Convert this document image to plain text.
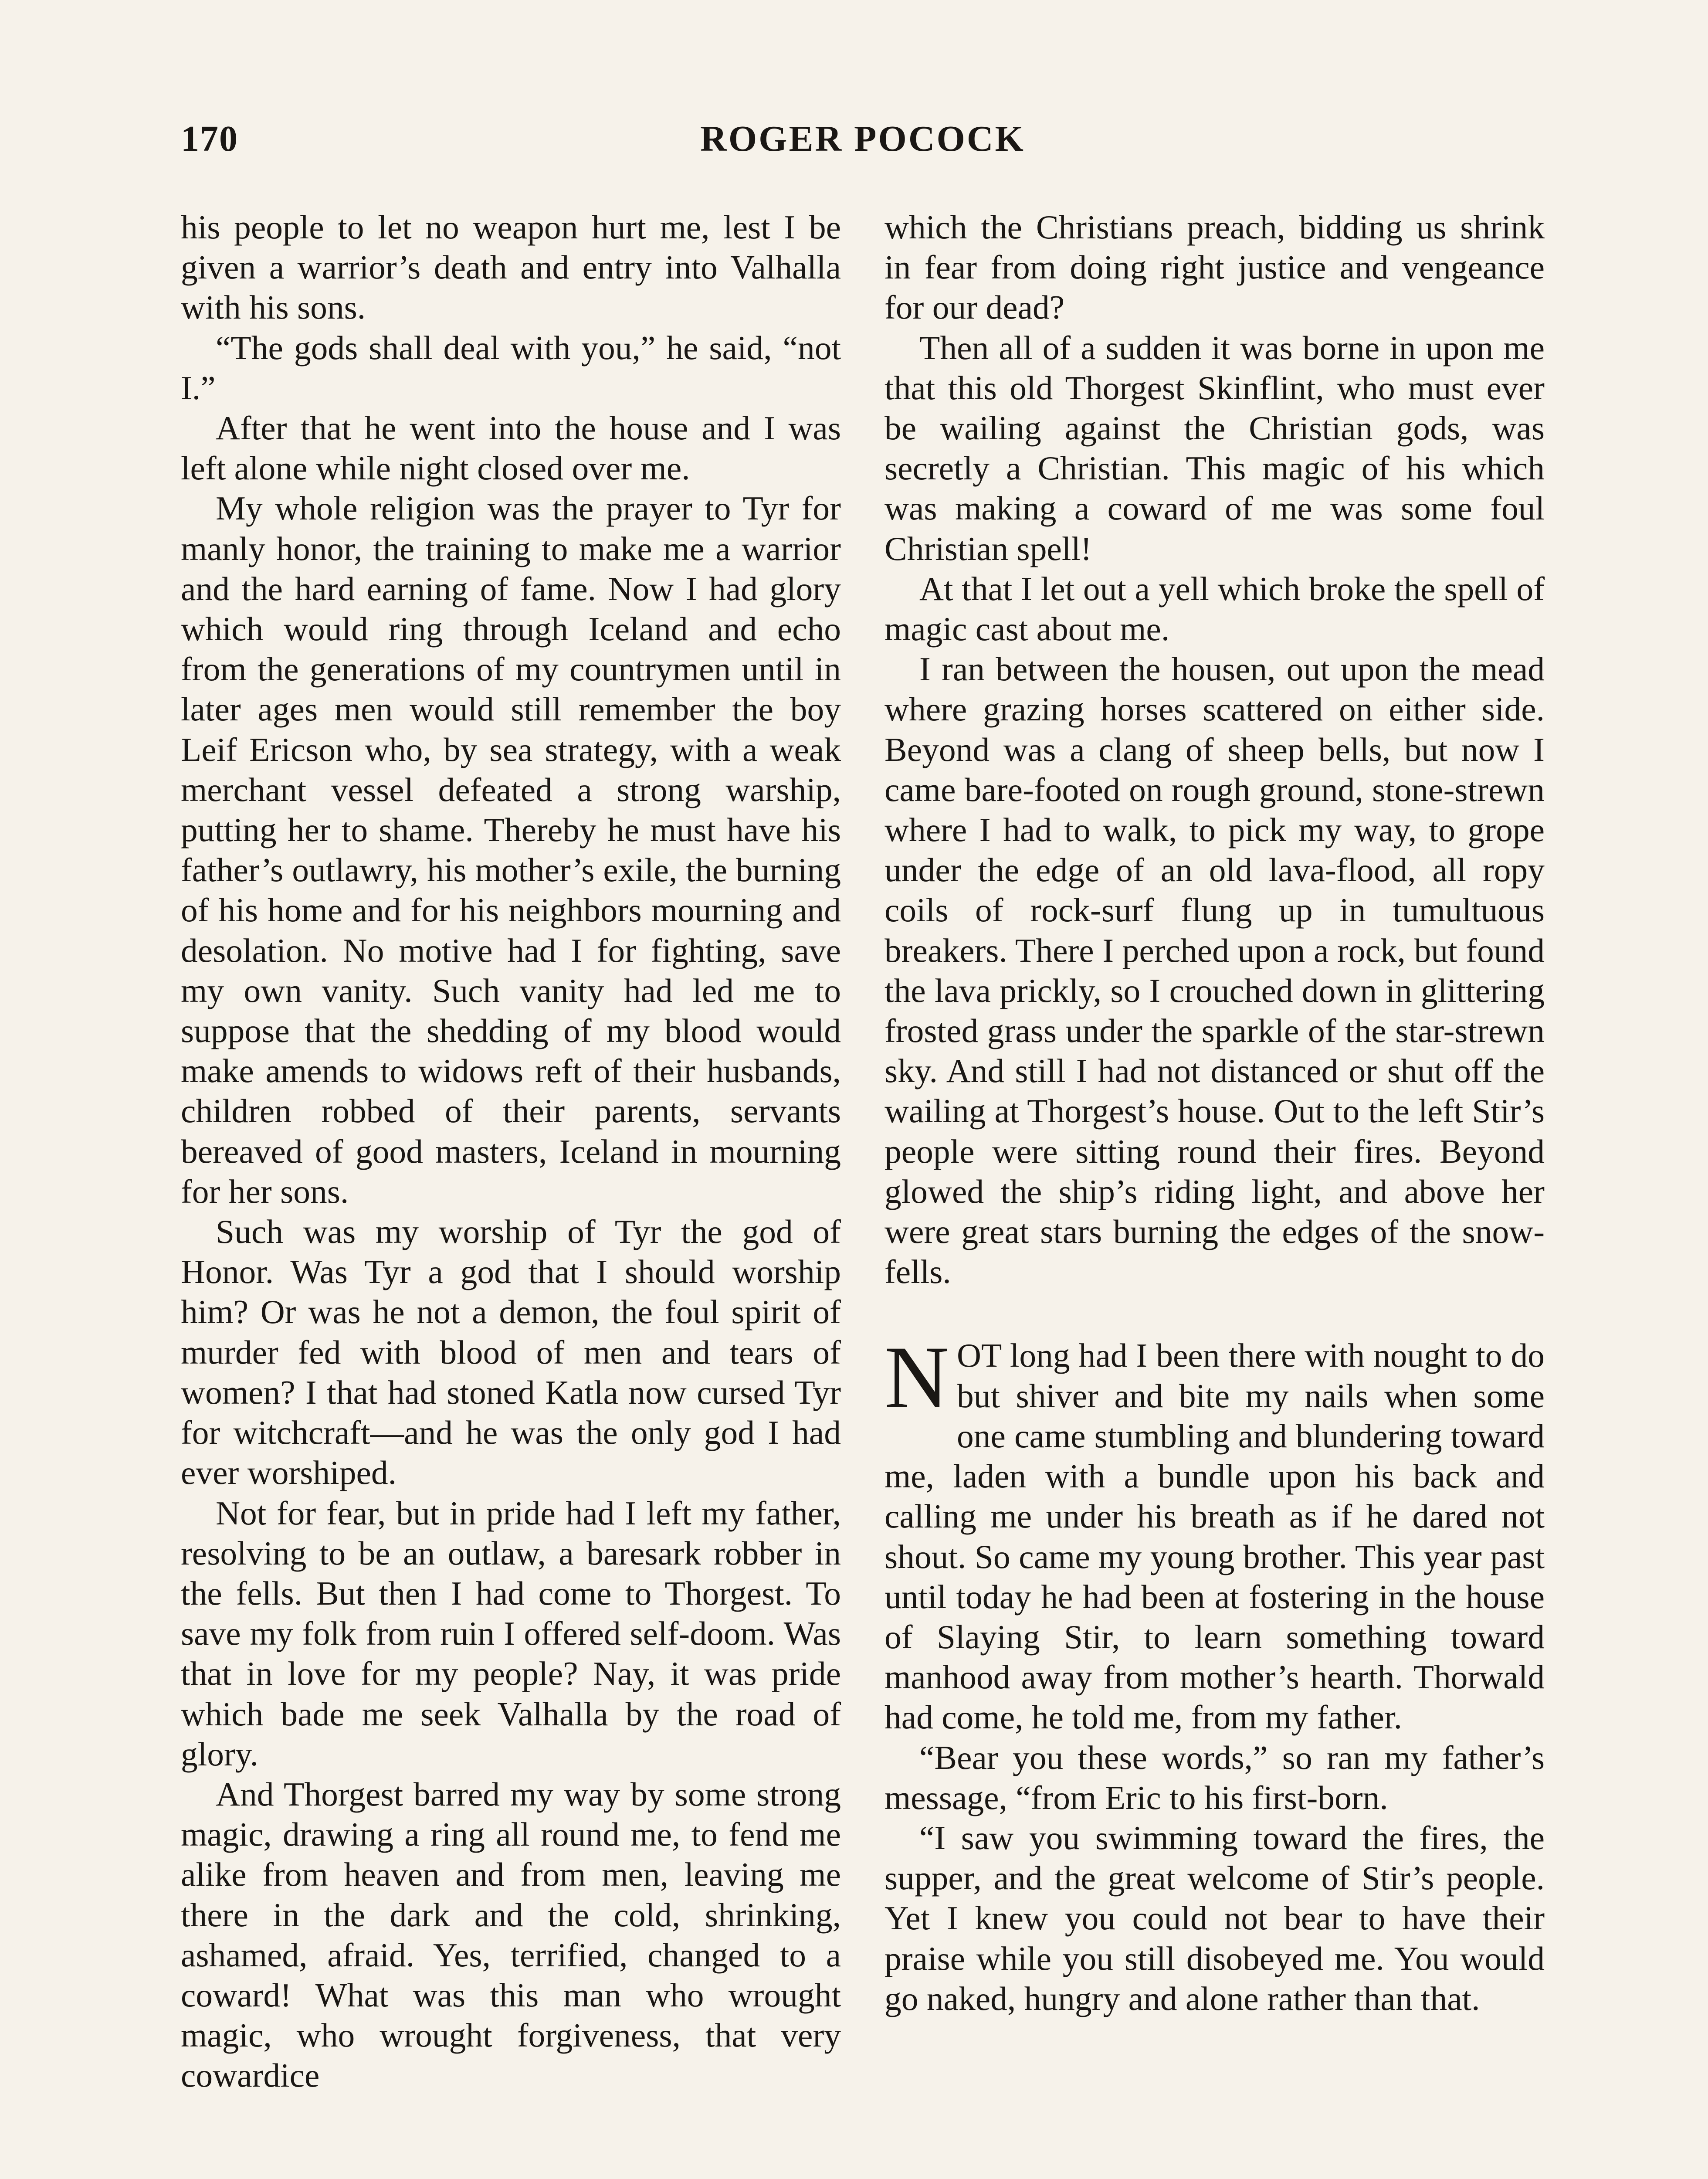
170	ROGER POCOCK

his people to let no weapon hurt me, lest I be given a warrior’s death and entry into Valhalla with his sons.

“The gods shall deal with you,” he said, “not I.”

After that he went into the house and I was left alone while night closed over me.

My whole religion was the prayer to Tyr for manly honor, the training to make me a warrior and the hard earning of fame. Now I had glory which would ring through Iceland and echo from the generations of my countrymen until in later ages men would still remember the boy Leif Ericson who, by sea strategy, with a weak merchant vessel defeated a strong warship, putting her to shame. Thereby he must have his father’s outlawry, his mother’s exile, the burning of his home and for his neighbors mourning and desolation. No motive had I for fighting, save my own vanity. Such vanity had led me to suppose that the shedding of my blood would make amends to widows reft of their husbands, children robbed of their parents, servants bereaved of good masters, Iceland in mourning for her sons.

Such was my worship of Tyr the god of Honor. Was Tyr a god that I should worship him? Or was he not a demon, the foul spirit of murder fed with blood of men and tears of women? I that had stoned Katla now cursed Tyr for witchcraft—and he was the only god I had ever worshiped.

Not for fear, but in pride had I left my father, resolving to be an outlaw, a baresark robber in the fells. But then I had come to Thorgest. To save my folk from ruin I offered self-doom. Was that in love for my people? Nay, it was pride which bade me seek Valhalla by the road of glory.

And Thorgest barred my way by some strong magic, drawing a ring all round me, to fend me alike from heaven and from men, leaving me there in the dark and the cold, shrinking, ashamed, afraid. Yes, terrified, changed to a coward! What was this man who wrought magic, who wrought forgiveness, that very cowardice

which the Christians preach, bidding us shrink in fear from doing right justice and vengeance for our dead?

Then all of a sudden it was borne in upon me that this old Thorgest Skinflint, who must ever be wailing against the Christian gods, was secretly a Christian. This magic of his which was making a coward of me was some foul Christian spell!

At that I let out a yell which broke the spell of magic cast about me.

I ran between the housen, out upon the mead where grazing horses scattered on either side. Beyond was a clang of sheep bells, but now I came bare-footed on rough ground, stone-strewn where I had to walk, to pick my way, to grope under the edge of an old lava-flood, all ropy coils of rock-surf flung up in tumultuous breakers. There I perched upon a rock, but found the lava prickly, so I crouched down in glittering frosted grass under the sparkle of the star-strewn sky. And still I had not distanced or shut off the wailing at Thorgest’s house. Out to the left Stir’s people were sitting round their fires. Beyond glowed the ship’s riding light, and above her were great stars burning the edges of the snow-fells.

NOT long had I been there with nought to do but shiver and bite my nails when some one came stumbling and blundering toward me, laden with a bundle upon his back and calling me under his breath as if he dared not shout. So came my young brother. This year past until today he had been at fostering in the house of Slaying Stir, to learn something toward manhood away from mother’s hearth. Thorwald had come, he told me, from my father.

“Bear you these words,” so ran my father’s message, “from Eric to his first-born.

“I saw you swimming toward the fires, the supper, and the great welcome of Stir’s people. Yet I knew you could not bear to have their praise while you still disobeyed me. You would go naked, hungry and alone rather than that.
